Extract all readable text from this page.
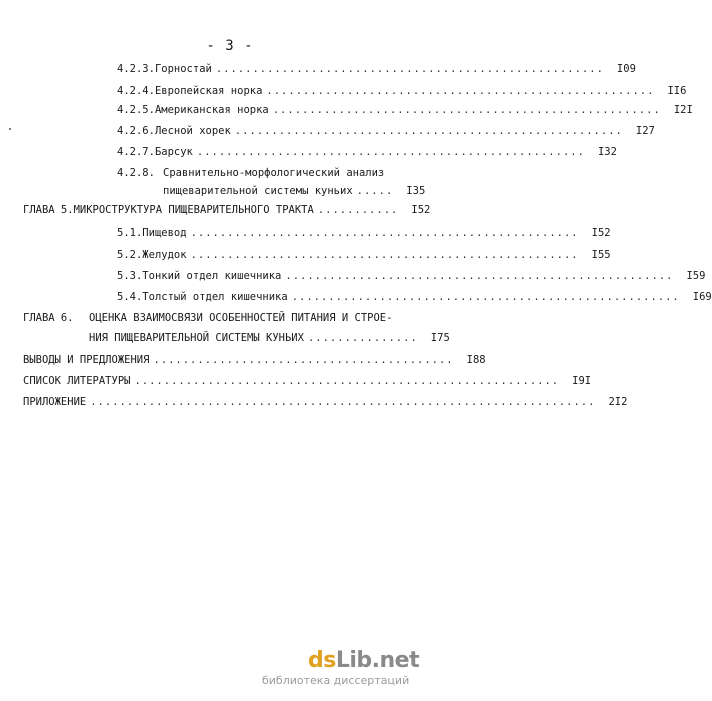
- 3 -
4.2.3. Горностай .....................................................	I09
4.2.4. Европейская норка .....................................................	II6
4.2.5. Американская норка .....................................................	I2I
4.2.6. Лесной хорек .....................................................	I27
4.2.7. Барсук .....................................................	I32
4.2.8. Сравнительно-морфологический анализ
пищеварительной системы куньих .....	I35
ГЛАВА 5. МИКРОСТРУКТУРА ПИЩЕВАРИТЕЛЬНОГО ТРАКТА ...........	I52
5.1. Пищевод .....................................................	I52
5.2. Желудок .....................................................	I55
5.3. Тонкий отдел кишечника .....................................................	I59
5.4. Толстый отдел кишечника .....................................................	I69
ГЛАВА 6.	ОЦЕНКА ВЗАИМОСВЯЗИ ОСОБЕННОСТЕЙ ПИТАНИЯ И СТРОЕ-
НИЯ ПИЩЕВАРИТЕЛЬНОЙ СИСТЕМЫ КУНЬИХ ...............	I75
ВЫВОДЫ И ПРЕДЛОЖЕНИЯ .........................................	I88
СПИСОК ЛИТЕРАТУРЫ ..........................................................	I9I
ПРИЛОЖЕНИЕ .....................................................................	2I2
dsLib.net
библиотека диссертаций
